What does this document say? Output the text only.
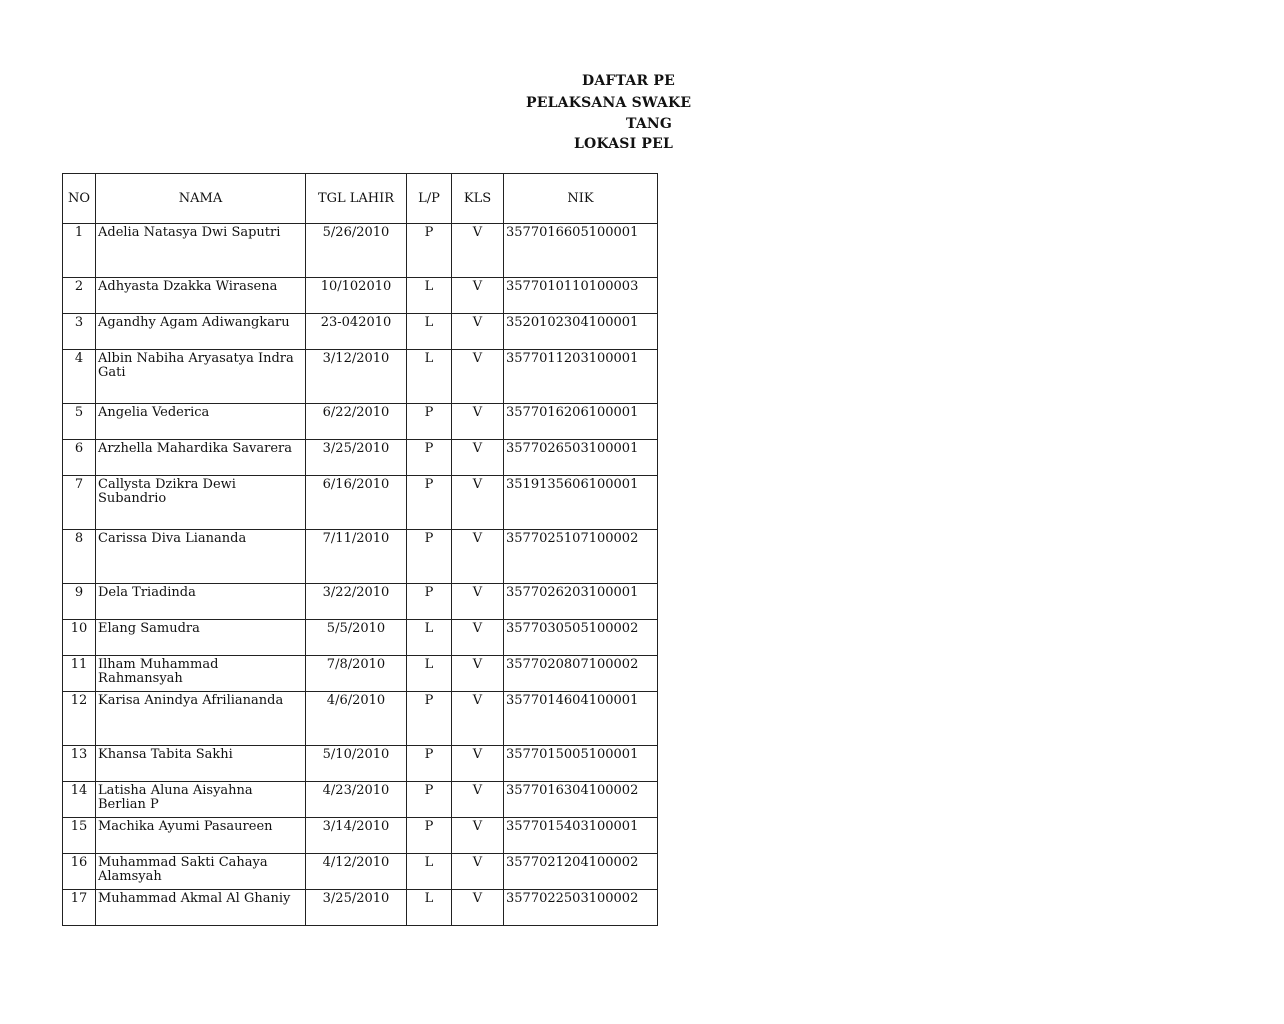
DAFTAR PE
PELAKSANA SWAKE
TANG
LOKASI PEL
NO	NAMA	TGL LAHIR	L/P	KLS	NIK
1	Adelia Natasya Dwi Saputri	5/26/2010	P	V	3577016605100001
2	Adhyasta Dzakka Wirasena	10/102010	L	V	3577010110100003
3	Agandhy Agam Adiwangkaru	23-042010	L	V	3520102304100001
4	Albin Nabiha Aryasatya Indra Gati	3/12/2010	L	V	3577011203100001
5	Angelia Vederica	6/22/2010	P	V	3577016206100001
6	Arzhella Mahardika Savarera	3/25/2010	P	V	3577026503100001
7	Callysta Dzikra Dewi Subandrio	6/16/2010	P	V	3519135606100001
8	Carissa Diva Liananda	7/11/2010	P	V	3577025107100002
9	Dela Triadinda	3/22/2010	P	V	3577026203100001
10	Elang Samudra	5/5/2010	L	V	3577030505100002
11	Ilham Muhammad Rahmansyah	7/8/2010	L	V	3577020807100002
12	Karisa Anindya Afriliananda	4/6/2010	P	V	3577014604100001
13	Khansa Tabita Sakhi	5/10/2010	P	V	3577015005100001
14	Latisha Aluna Aisyahna Berlian P	4/23/2010	P	V	3577016304100002
15	Machika Ayumi Pasaureen	3/14/2010	P	V	3577015403100001
16	Muhammad Sakti Cahaya Alamsyah	4/12/2010	L	V	3577021204100002
17	Muhammad Akmal Al Ghaniy	3/25/2010	L	V	3577022503100002
